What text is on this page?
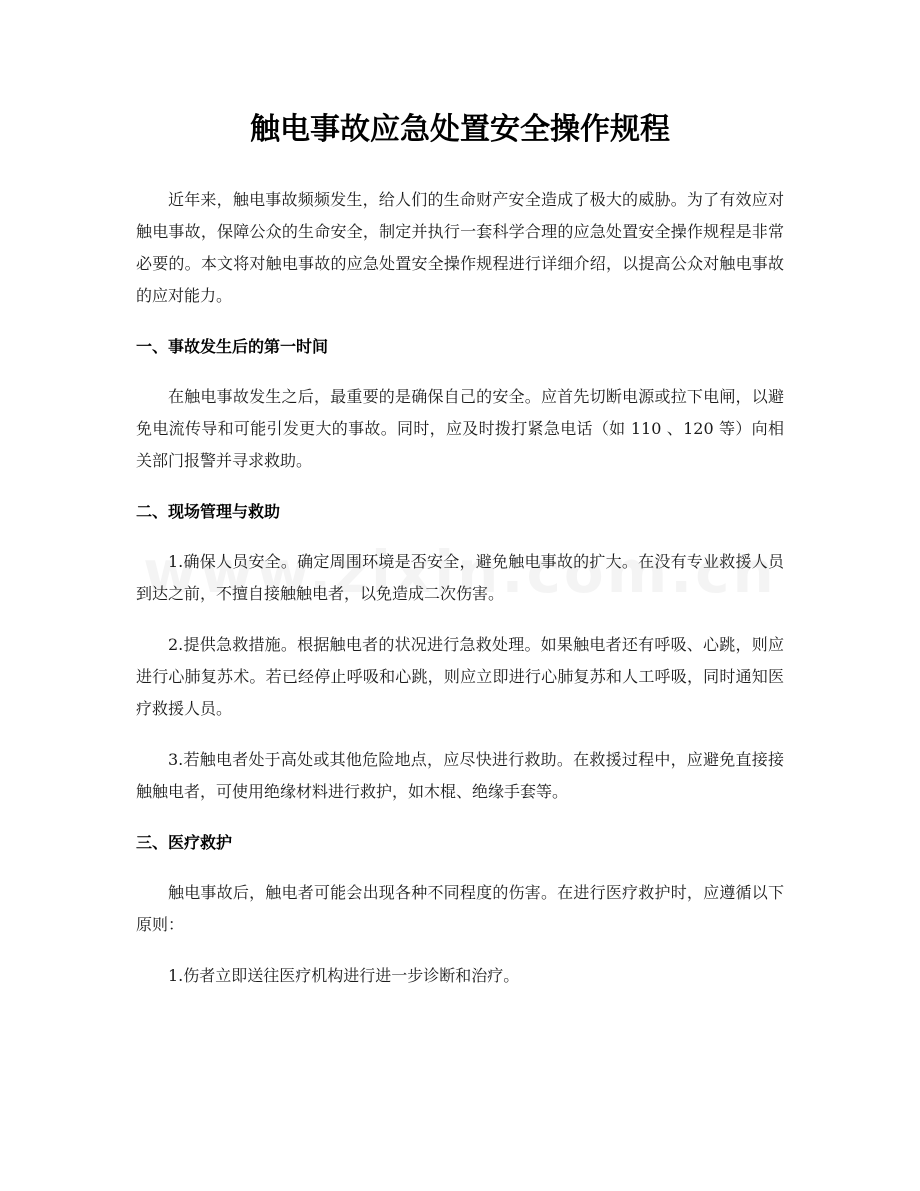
触电事故应急处置安全操作规程

近年来，触电事故频频发生，给人们的生命财产安全造成了极大的威胁。为了有效应对触电事故，保障公众的生命安全，制定并执行一套科学合理的应急处置安全操作规程是非常必要的。本文将对触电事故的应急处置安全操作规程进行详细介绍，以提高公众对触电事故的应对能力。

一、事故发生后的第一时间

在触电事故发生之后，最重要的是确保自己的安全。应首先切断电源或拉下电闸，以避免电流传导和可能引发更大的事故。同时，应及时拨打紧急电话（如 110 、120 等）向相关部门报警并寻求救助。

二、现场管理与救助

1.确保人员安全。确定周围环境是否安全，避免触电事故的扩大。在没有专业救援人员到达之前，不擅自接触触电者，以免造成二次伤害。

2.提供急救措施。根据触电者的状况进行急救处理。如果触电者还有呼吸、心跳，则应进行心肺复苏术。若已经停止呼吸和心跳，则应立即进行心肺复苏和人工呼吸，同时通知医疗救援人员。

3.若触电者处于高处或其他危险地点，应尽快进行救助。在救援过程中，应避免直接接触触电者，可使用绝缘材料进行救护，如木棍、绝缘手套等。

三、医疗救护

触电事故后，触电者可能会出现各种不同程度的伤害。在进行医疗救护时，应遵循以下原则：

1.伤者立即送往医疗机构进行进一步诊断和治疗。
